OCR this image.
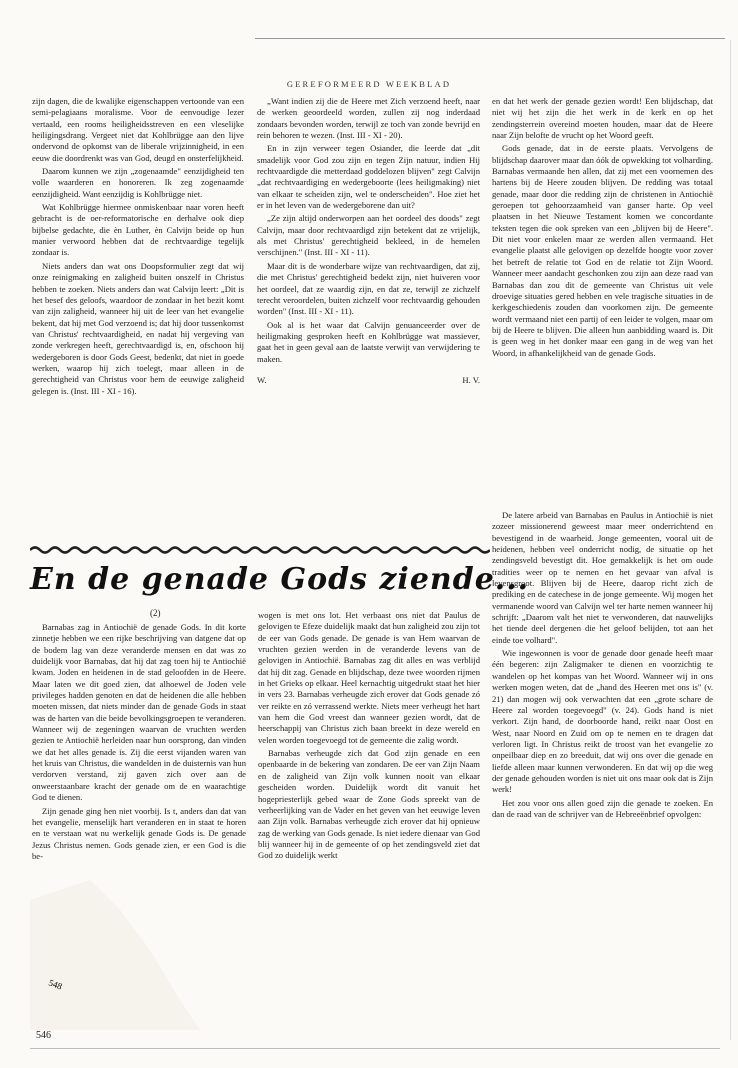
GEREFORMEERD WEEKBLAD

zijn dagen, die de kwalijke eigenschappen vertoonde van een semi-pelagiaans moralisme. Voor de eenvoudige lezer vertaald, een rooms heiligheidsstreven en een vleselijke heiligingsdrang. Vergeet niet dat Kohlbrügge aan den lijve ondervond de opkomst van de liberale vrijzinnigheid, in een eeuw die doordrenkt was van God, deugd en onsterfelijkheid.

Daarom kunnen we zijn „zogenaamde" eenzijdigheid ten volle waarderen en honoreren. Ik zeg zogenaamde eenzijdigheid. Want eenzijdig is Kohlbrügge niet.

Wat Kohlbrügge hiermee onmiskenbaar naar voren heeft gebracht is de oer-reformatorische en derhalve ook diep bijbelse gedachte, die èn Luther, èn Calvijn beide op hun manier verwoord hebben dat de rechtvaardige tegelijk zondaar is.

Niets anders dan wat ons Doopsformulier zegt dat wij onze reinigmaking en zaligheid buiten onszelf in Christus hebben te zoeken. Niets anders dan wat Calvijn leert: „Dit is het besef des geloofs, waardoor de zondaar in het bezit komt van zijn zaligheid, wanneer hij uit de leer van het evangelie bekent, dat hij met God verzoend is; dat hij door tussenkomst van Christus' rechtvaardigheid, en nadat hij vergeving van zonde verkregen heeft, gerechtvaardigd is, en, ofschoon hij wedergeboren is door Gods Geest, bedenkt, dat niet in goede werken, waarop hij zich toelegt, maar alleen in de gerechtigheid van Christus voor hem de eeuwige zaligheid gelegen is. (Inst. III - XI - 16).

„Want indien zij die de Heere met Zich verzoend heeft, naar de werken geoordeeld worden, zullen zij nog inderdaad zondaars bevonden worden, terwijl ze toch van zonde bevrijd en rein behoren te wezen. (Inst. III - XI - 20).

En in zijn verweer tegen Osiander, die leerde dat „dit smadelijk voor God zou zijn en tegen Zijn natuur, indien Hij rechtvaardigde die metterdaad goddelozen blijven" zegt Calvijn „dat rechtvaardiging en wedergeboorte (lees heiligmaking) niet van elkaar te scheiden zijn, wel te onderscheiden". Hoe ziet het er in het leven van de wedergeborene dan uit?

„Ze zijn altijd onderworpen aan het oordeel des doods" zegt Calvijn, maar door rechtvaardigd zijn betekent dat ze vrijelijk, als met Christus' gerechtigheid bekleed, in de hemelen verschijnen." (Inst. III - XI - 11).

Maar dit is de wonderbare wijze van rechtvaardigen, dat zij, die met Christus' gerechtigheid bedekt zijn, niet huiveren voor het oordeel, dat ze waardig zijn, en dat ze, terwijl ze zichzelf terecht veroordelen, buiten zichzelf voor rechtvaardig gehouden worden" (Inst. III - XI - 11).

Ook al is het waar dat Calvijn genuanceerder over de heiligmaking gesproken heeft en Kohlbrügge wat massiever, gaat het in geen geval aan de laatste verwijt van verwijdering te maken.

W.	H. V.

en dat het werk der genade gezien wordt! Een blijdschap, dat niet wij het zijn die het werk in de kerk en op het zendingsterrein overeind moeten houden, maar dat de Heere naar Zijn belofte de vrucht op het Woord geeft.

Gods genade, dat in de eerste plaats. Vervolgens de blijdschap daarover maar dan óók de opwekking tot volharding. Barnabas vermaande hen allen, dat zij met een voornemen des hartens bij de Heere zouden blijven. De redding was totaal genade, maar door die redding zijn de christenen in Antiochië geroepen tot gehoorzaamheid van ganser harte. Op veel plaatsen in het Nieuwe Testament komen we concordante teksten tegen die ook spreken van een „blijven bij de Heere". Dit niet voor enkelen maar ze werden allen vermaand. Het evangelie plaatst alle gelovigen op dezelfde hoogte voor zover het betreft de relatie tot God en de relatie tot Zijn Woord. Wanneer meer aandacht geschonken zou zijn aan deze raad van Barnabas dan zou dit de gemeente van Christus uit vele droevige situaties gered hebben en vele tragische situaties in de kerkgeschiedenis zouden dan voorkomen zijn. De gemeente wordt vermaand niet een partij of een leider te volgen, maar om bij de Heere te blijven. Die alleen hun aanbidding waard is. Dit is geen weg in het donker maar een gang in de weg van het Woord, in afhankelijkheid van de genade Gods.

En de genade Gods ziende...
(2)

Barnabas zag in Antiochië de genade Gods. In dit korte zinnetje hebben we een rijke beschrijving van datgene dat op de bodem lag van deze veranderde mensen en dat was zo duidelijk voor Barnabas, dat hij dat zag toen hij te Antiochië kwam. Joden en heidenen in de stad geloofden in de Heere. Maar laten we dit goed zien, dat alhoewel de Joden vele privileges hadden genoten en dat de heidenen die alle hebben moeten missen, dat niets minder dan de genade Gods in staat was de harten van die beide bevolkingsgroepen te veranderen. Wanneer wij de zegeningen waarvan de vruchten werden gezien te Antiochië herleiden naar hun oorsprong, dan vinden we dat het alles genade is. Zij die eerst vijanden waren van het kruis van Christus, die wandelden in de duisternis van hun verdorven verstand, zij gaven zich over aan de onweerstaanbare kracht der genade om de en waarachtige God te dienen.

Zijn genade ging hen niet voorbij. Is t, anders dan dat van het evangelie, menselijk hart veranderen en in staat te horen en te verstaan wat nu werkelijk genade Gods is. De genade Jezus Christus nemen. Gods genade zien, er een God is die be-

wogen is met ons lot. Het verbaast ons niet dat Paulus de gelovigen te Efeze duidelijk maakt dat hun zaligheid zou zijn tot de eer van Gods genade. De genade is van Hem waarvan de vruchten gezien werden in de veranderde levens van de gelovigen in Antiochië. Barnabas zag dit alles en was verblijd dat hij dit zag. Genade en blijdschap, deze twee woorden rijmen in het Grieks op elkaar. Heel kernachtig uitgedrukt staat het hier in vers 23. Barnabas verheugde zich erover dat Gods genade zó ver reikte en zó verrassend werkte. Niets meer verheugt het hart van hem die God vreest dan wanneer gezien wordt, dat de heerschappij van Christus zich baan breekt in deze wereld en velen worden toegevoegd tot de gemeente die zalig wordt.

Barnabas verheugde zich dat God zijn genade en een openbaarde in de bekering van zondaren. De eer van Zijn Naam en de zaligheid van Zijn volk kunnen nooit van elkaar gescheiden worden. Duidelijk wordt dit vanuit het hogepriesterlijk gebed waar de Zone Gods spreekt van de verheerlijking van de Vader en het geven van het eeuwige leven aan Zijn volk. Barnabas verheugde zich erover dat hij opnieuw zag de werking van Gods genade. Is niet iedere dienaar van God blij wanneer hij in de gemeente of op het zendingsveld ziet dat God zo duidelijk werkt

De latere arbeid van Barnabas en Paulus in Antiochië is niet zozeer missionerend geweest maar meer onderrichtend en bevestigend in de waarheid. Jonge gemeenten, vooral uit de heidenen, hebben veel onderricht nodig, de situatie op het zendingsveld bevestigt dit. Hoe gemakkelijk is het om oude tradities weer op te nemen en het gevaar van afval is levensgroot. Blijven bij de Heere, daarop richt zich de prediking en de catechese in de jonge gemeente. Wij mogen het vermanende woord van Calvijn wel ter harte nemen wanneer hij schrijft: „Daarom valt het niet te verwonderen, dat nauwelijks het tiende deel dergenen die het geloof belijden, tot aan het einde toe volhard".

Wie ingewonnen is voor de genade door genade heeft maar één begeren: zijn Zaligmaker te dienen en voorzichtig te wandelen op het kompas van het Woord. Wanneer wij in ons werken mogen weten, dat de „hand des Heeren met ons is" (v. 21) dan mogen wij ook verwachten dat een „grote schare de Heere zal worden toegevoegd" (v. 24). Gods hand is niet verkort. Zijn hand, de doorboorde hand, reikt naar Oost en West, naar Noord en Zuid om op te nemen en te dragen dat verloren ligt. In Christus reikt de troost van het evangelie zo onpeilbaar diep en zo breeduit, dat wij ons over die genade en liefde alleen maar kunnen verwonderen. En dat wij op die weg der genade gehouden worden is niet uit ons maar ook dat is Zijn werk!

Het zou voor ons allen goed zijn die genade te zoeken. En dan de raad van de schrijver van de Hebreeënbrief opvolgen:

548
546
